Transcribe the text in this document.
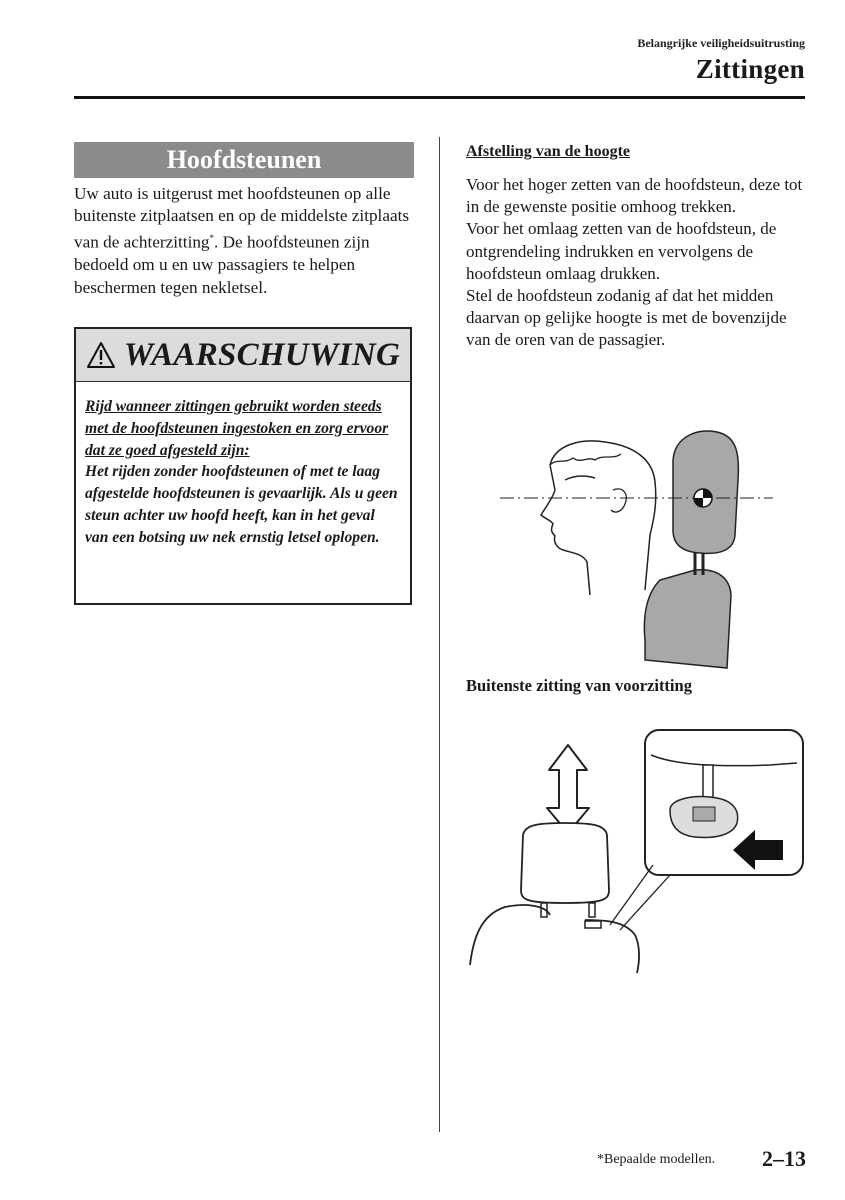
Belangrijke veiligheidsuitrusting
Zittingen
Hoofdsteunen
Uw auto is uitgerust met hoofdsteunen op alle buitenste zitplaatsen en op de middelste zitplaats van de achterzitting*. De hoofdsteunen zijn bedoeld om u en uw passagiers te helpen beschermen tegen nekletsel.
WAARSCHUWING
Rijd wanneer zittingen gebruikt worden steeds met de hoofdsteunen ingestoken en zorg ervoor dat ze goed afgesteld zijn:
Het rijden zonder hoofdsteunen of met te laag afgestelde hoofdsteunen is gevaarlijk. Als u geen steun achter uw hoofd heeft, kan in het geval van een botsing uw nek ernstig letsel oplopen.
Afstelling van de hoogte

Voor het hoger zetten van de hoofdsteun, deze tot in de gewenste positie omhoog trekken.

Voor het omlaag zetten van de hoofdsteun, de ontgrendeling indrukken en vervolgens de hoofdsteun omlaag drukken.

Stel de hoofdsteun zodanig af dat het midden daarvan op gelijke hoogte is met de bovenzijde van de oren van de passagier.

Buitenste zitting van voorzitting
*Bepaalde modellen. 2–13
